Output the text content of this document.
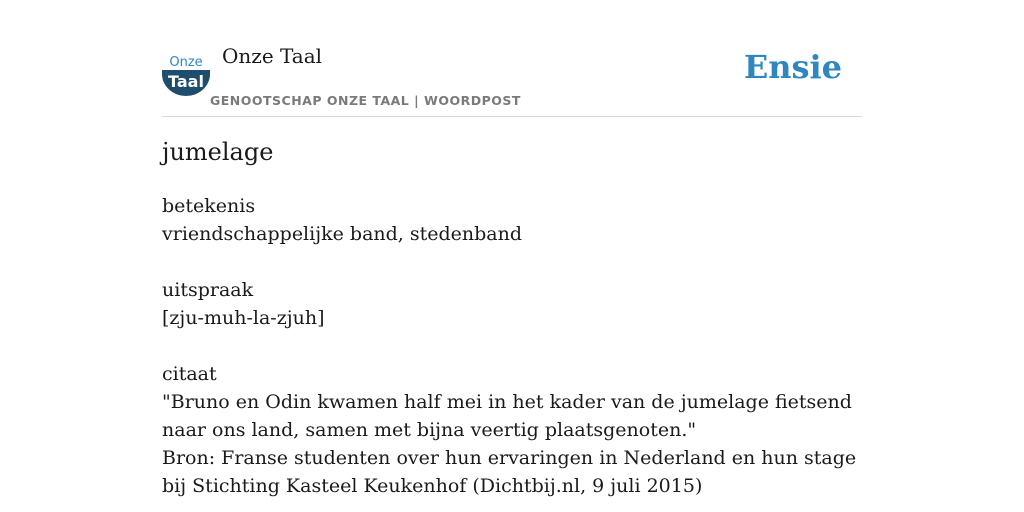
Onze
Taal
Onze Taal
GENOOTSCHAP ONZE TAAL | WOORDPOST
Ensie
jumelage
betekenis
vriendschappelijke band, stedenband
uitspraak
[zju-muh-la-zjuh]
citaat
"Bruno en Odin kwamen half mei in het kader van de jumelage fietsend naar ons land, samen met bijna veertig plaatsgenoten."
Bron: Franse studenten over hun ervaringen in Nederland en hun stage bij Stichting Kasteel Keukenhof (Dichtbij.nl, 9 juli 2015)
